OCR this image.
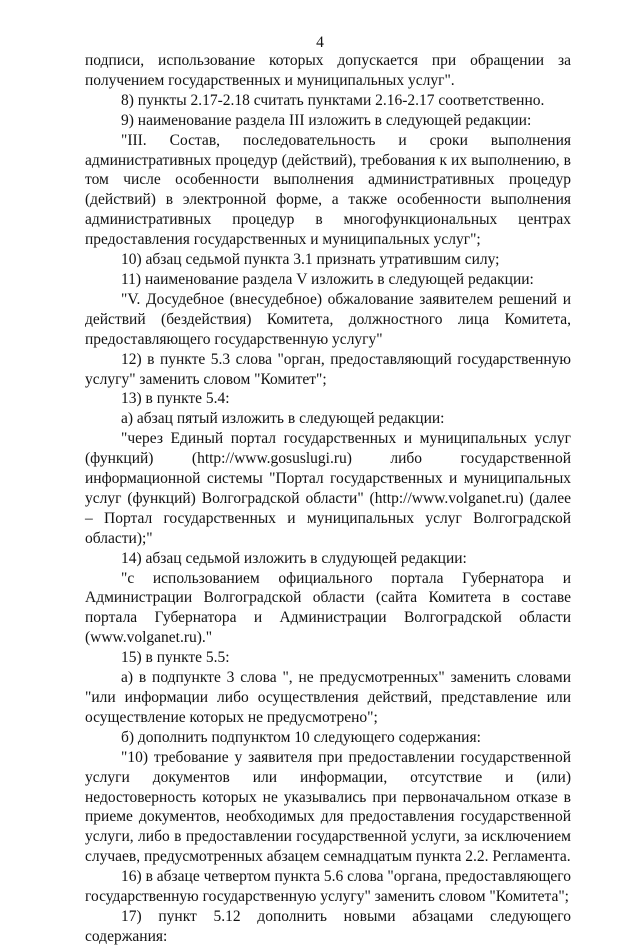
4

подписи, использование которых допускается при обращении за получением государственных и муниципальных услуг".

8) пункты 2.17-2.18 считать пунктами 2.16-2.17 соответственно.

9) наименование раздела III изложить в следующей редакции:

"III. Состав, последовательность и сроки выполнения административных процедур (действий), требования к их выполнению, в том числе особенности выполнения административных процедур (действий) в электронной форме, а также особенности выполнения административных процедур в многофункциональных центрах предоставления государственных и муниципальных услуг";

10) абзац седьмой пункта 3.1 признать утратившим силу;

11) наименование раздела V изложить в следующей редакции:

"V. Досудебное (внесудебное) обжалование заявителем решений и действий (бездействия) Комитета, должностного лица Комитета, предоставляющего государственную услугу"

12) в пункте 5.3 слова "орган, предоставляющий государственную услугу" заменить словом "Комитет";

13) в пункте 5.4:

а) абзац пятый изложить в следующей редакции:

"через Единый портал государственных и муниципальных услуг (функций) (http://www.gosuslugi.ru) либо государственной информационной системы "Портал государственных и муниципальных услуг (функций) Волгоградской области" (http://www.volganet.ru) (далее – Портал государственных и муниципальных услуг Волгоградской области);"

14) абзац седьмой изложить в слудующей редакции:

"с использованием официального портала Губернатора и Администрации Волгоградской области (сайта Комитета в составе портала Губернатора и Администрации Волгоградской области (www.volganet.ru)."

15) в пункте 5.5:

а) в подпункте 3 слова ", не предусмотренных" заменить словами "или информации либо осуществления действий, представление или осуществление которых не предусмотрено";

б) дополнить подпунктом 10 следующего содержания:

"10) требование у заявителя при предоставлении государственной услуги документов или информации, отсутствие и (или) недостоверность которых не указывались при первоначальном отказе в приеме документов, необходимых для предоставления государственной услуги, либо в предоставлении государственной услуги, за исключением случаев, предусмотренных абзацем семнадцатым пункта 2.2. Регламента.

16) в абзаце четвертом пункта 5.6 слова "органа, предоставляющего государственную государственную услугу" заменить словом "Комитета";

17) пункт 5.12 дополнить новыми абзацами следующего содержания:
